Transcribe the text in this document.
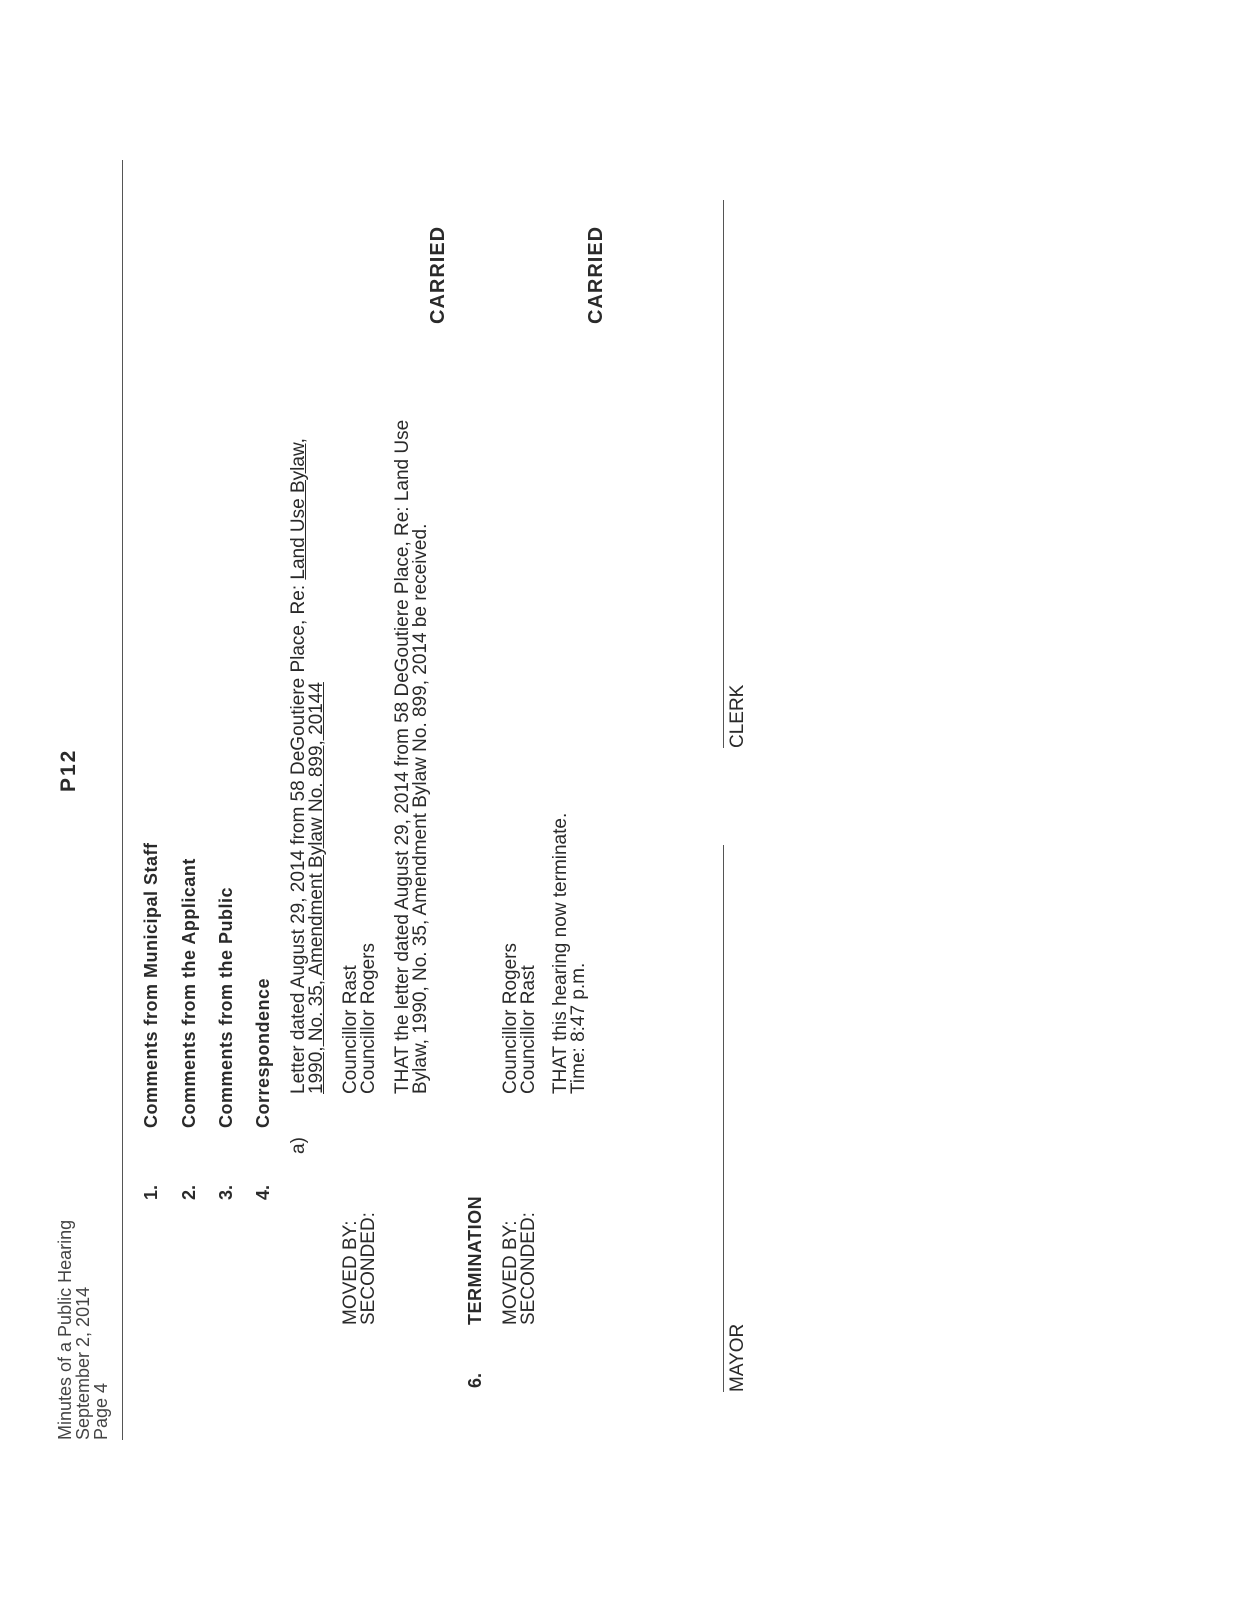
Minutes of a Public Hearing
September 2, 2014
Page 4
P12
1.
Comments from Municipal Staff
2.
Comments from the Applicant
3.
Comments from the Public
4.
Correspondence
a)
Letter dated August 29, 2014 from 58 DeGoutiere Place, Re: Land Use Bylaw,
1990, No. 35, Amendment Bylaw No. 899, 20144
MOVED BY:
Councillor Rast
SECONDED:
Councillor Rogers THAT the letter dated August 29, 2014 from 58 DeGoutiere Place, Re: Land Use
Bylaw, 1990, No. 35, Amendment Bylaw No. 899, 2014 be received.
CARRIED
6.
TERMINATION MOVED BY:
Councillor Rogers
SECONDED:
Councillor Rast THAT this hearing now terminate.
Time: 8:47 p.m.
CARRIED
MAYOR
CLERK
